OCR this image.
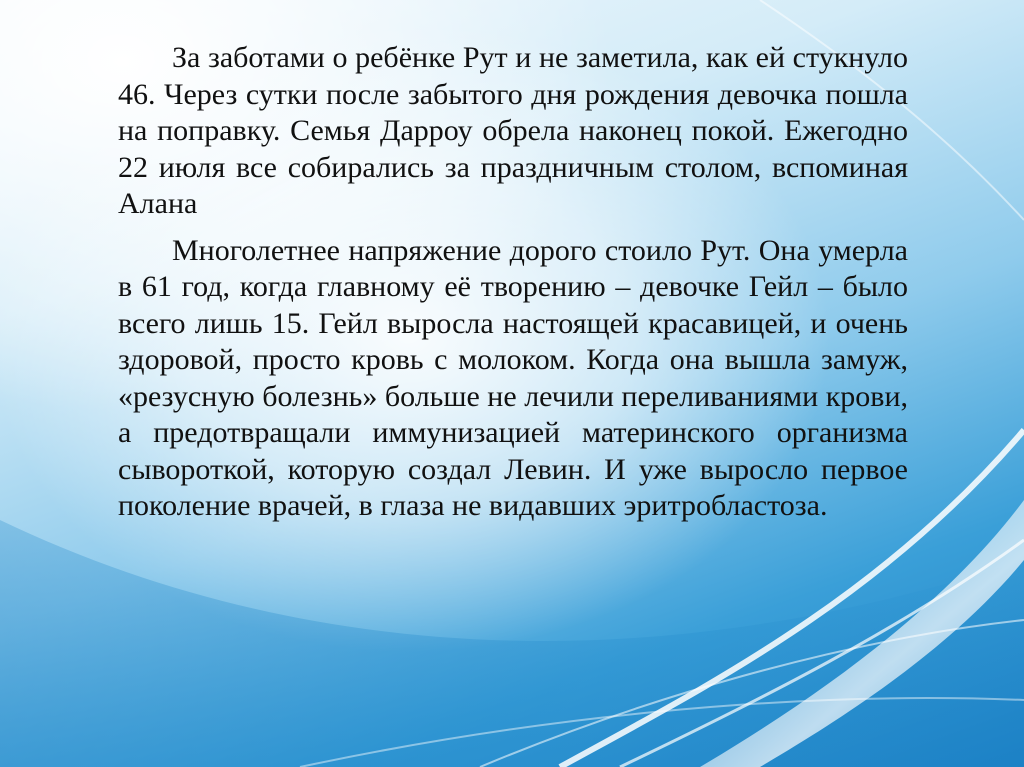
За заботами о ребёнке Рут и не заметила, как ей стукнуло 46. Через сутки после забытого дня рождения девочка пошла на поправку. Семья Дарроу обрела наконец покой. Ежегодно 22 июля все собирались за праздничным столом, вспоминая Алана

Многолетнее напряжение дорого стоило Рут. Она умерла в 61 год, когда главному её творению – девочке Гейл – было всего лишь 15. Гейл выросла настоящей красавицей, и очень здоровой, просто кровь с молоком. Когда она вышла замуж, «резусную болезнь» больше не лечили переливаниями крови, а предотвращали иммунизацией материнского организма сывороткой, которую создал Левин. И уже выросло первое поколение врачей, в глаза не видавших эритробластоза.
